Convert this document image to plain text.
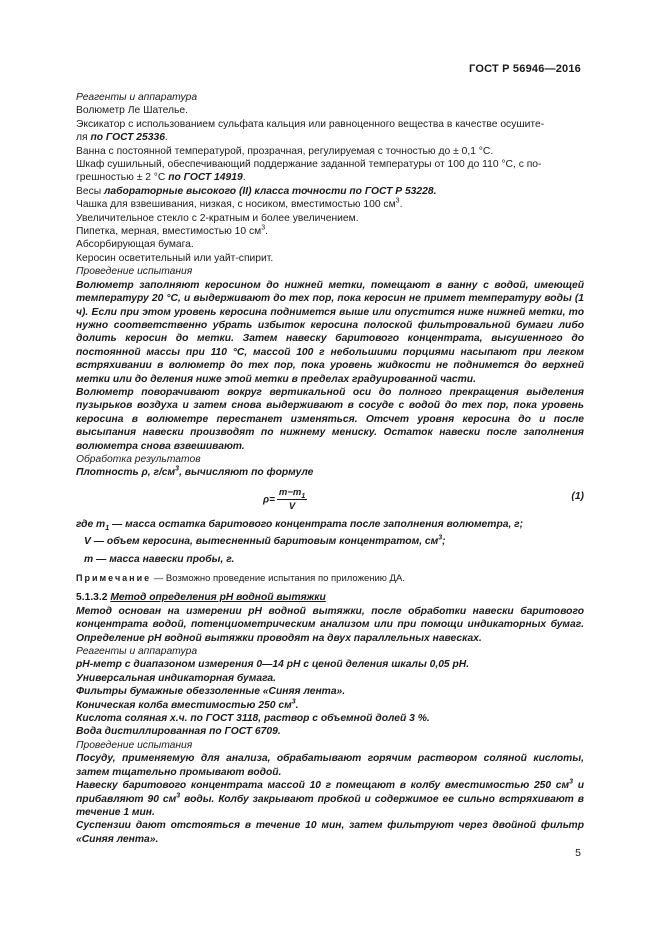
ГОСТ Р 56946—2016

Реагенты и аппаратура

Волюметр Ле Шателье.

Эксикатор с использованием сульфата кальция или равноценного вещества в качестве осушите-
ля по ГОСТ 25336.

Ванна с постоянной температурой, прозрачная, регулируемая с точностью до ± 0,1 °С.

Шкаф сушильный, обеспечивающий поддержание заданной температуры от 100 до 110 °С, с по-
грешностью ± 2 °С по ГОСТ 14919.

Весы лабораторные высокого (II) класса точности по ГОСТ Р 53228.

Чашка для взвешивания, низкая, с носиком, вместимостью 100 $см^3$.

Увеличительное стекло с 2-кратным и более увеличением.

Пипетка, мерная, вместимостью 10 $см^3$.

Абсорбирующая бумага.

Керосин осветительный или уайт-спирит.

Проведение испытания

Волюметр заполняют керосином до нижней метки, помещают в ванну с водой, имеющей температуру 20 °С, и выдерживают до тех пор, пока керосин не примет температуру воды (1 ч). Если при этом уровень керосина поднимется выше или опустится ниже нижней метки, то нужно соответственно убрать избыток керосина полоской фильтровальной бумаги либо долить керосин до метки. Затем навеску баритового концентрата, высушенного до постоянной массы при 110 °С, массой 100 г небольшими порциями насыпают при легком встряхивании в волюметр до тех пор, пока уровень жидкости не поднимется до верхней метки или до деления ниже этой метки в пределах градуированной части.

Волюметр поворачивают вокруг вертикальной оси до полного прекращения выделения пузырьков воздуха и затем снова выдерживают в сосуде с водой до тех пор, пока уровень керосина в волюметре перестанет изменяться. Отсчет уровня керосина до и после высыпания навески производят по нижнему мениску. Остаток навески после заполнения волюметра снова взвешивают.

Обработка результатов

Плотность ρ, $г/см^3$, вычисляют по формуле

$\rho= \frac{m-m_1}{V}$	(1)

где $m_1$ — масса остатка баритового концентрата после заполнения волюметра, г;

V — объем керосина, вытесненный баритовым концентратом, $см^3$;

m — масса навески пробы, г.

Примечание — Возможно проведение испытания по приложению ДА.

5.1.3.2 Метод определения pH водной вытяжки

Метод основан на измерении pH водной вытяжки, после обработки навески баритового концентрата водой, потенциометрическим анализом или при помощи индикаторных бумаг. Определение pH водной вытяжки проводят на двух параллельных навесках.

Реагенты и аппаратура

pH-метр с диапазоном измерения 0—14 pH с ценой деления шкалы 0,05 pH.

Универсальная индикаторная бумага.

Фильтры бумажные обеззоленные «Синяя лента».

Коническая колба вместимостью 250 $см^3$.

Кислота соляная х.ч. по ГОСТ 3118, раствор с объемной долей 3 %.

Вода дистиллированная по ГОСТ 6709.

Проведение испытания

Посуду, применяемую для анализа, обрабатывают горячим раствором соляной кислоты, затем тщательно промывают водой.

Навеску баритового концентрата массой 10 г помещают в колбу вместимостью 250 $см^3$ и прибавляют 90 $см^3$ воды. Колбу закрывают пробкой и содержимое ее сильно встряхивают в течение 1 мин.

Суспензии дают отстояться в течение 10 мин, затем фильтруют через двойной фильтр «Синяя лента».

5
